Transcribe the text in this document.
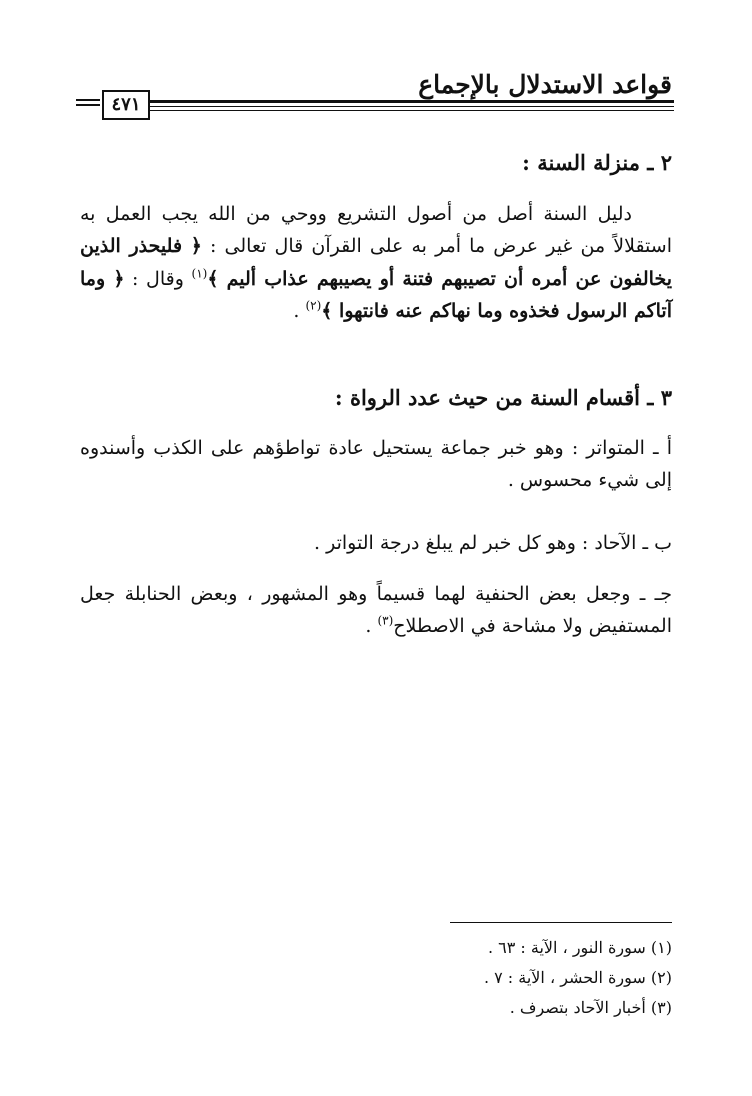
قواعد الاستدلال بالإجماع
٤٧١
٢ ـ منزلة السنة :
دليل السنة أصل من أصول التشريع ووحي من الله يجب العمل به استقلالاً من غير عرض ما أمر به على القرآن قال تعالى : ﴿ فليحذر الذين يخالفون عن أمره أن تصيبهم فتنة أو يصيبهم عذاب أليم ﴾$^{(١)}$ وقال : ﴿ وما آتاكم الرسول فخذوه وما نهاكم عنه فانتهوا ﴾$^{(٢)}$ .
٣ ـ أقسام السنة من حيث عدد الرواة :
أ ـ المتواتر : وهو خبر جماعة يستحيل عادة تواطؤهم على الكذب وأسندوه إلى شيء محسوس .
ب ـ الآحاد : وهو كل خبر لم يبلغ درجة التواتر .
جـ ـ وجعل بعض الحنفية لهما قسيماً وهو المشهور ، وبعض الحنابلة جعل المستفيض ولا مشاحة في الاصطلاح$^{(٣)}$ .
(١) سورة النور ، الآية : ٦٣ .
(٢) سورة الحشر ، الآية : ٧ .
(٣) أخبار الآحاد بتصرف .
